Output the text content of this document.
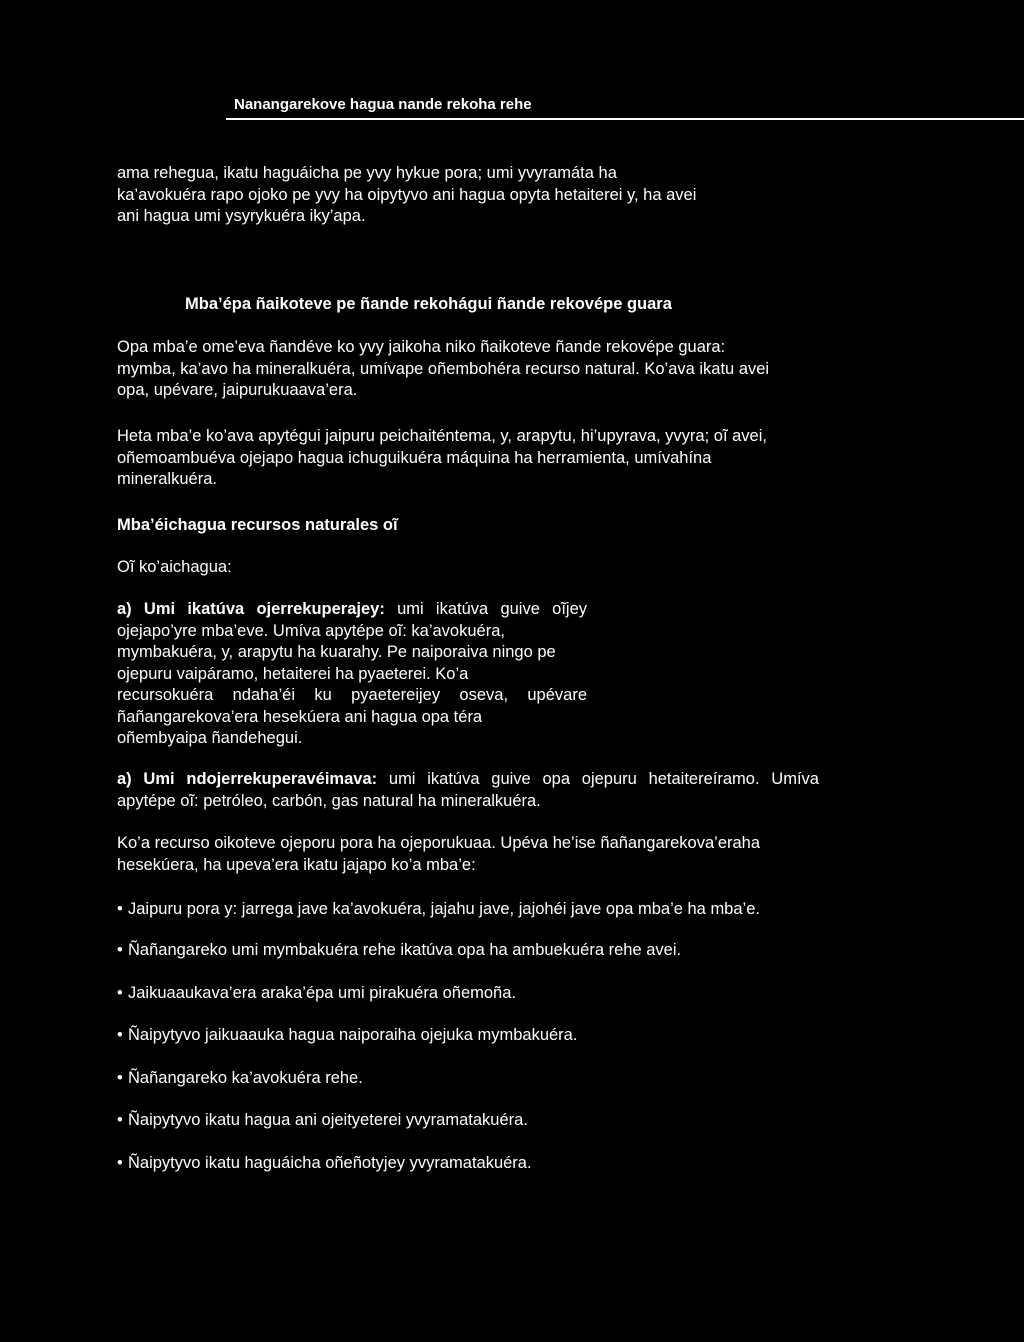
Nanangarekove hagua nande rekoha rehe

ama rehegua, ikatu haguáicha pe yvy hykue pora; umi yvyramáta ha
ka’avokuéra rapo ojoko pe yvy ha oipytyvo ani hagua opyta hetaiterei y, ha avei
ani hagua umi ysyrykuéra iky’apa.

Mba’épa ñaikoteve pe ñande rekohágui ñande rekovépe guara

Opa mba’e ome’eva ñandéve ko yvy jaikoha niko ñaikoteve ñande rekovépe guara:
mymba, ka’avo ha mineralkuéra, umívape oñembohéra recurso natural. Ko’ava ikatu avei
opa, upévare, jaipurukuaava’era.

Heta mba’e ko’ava apytégui jaipuru peichaiténtema, y, arapytu, hi’upyrava, yvyra; oĩ avei,
oñemoambuéva ojejapo hagua ichuguikuéra máquina ha herramienta, umívahína
mineralkuéra.

Mba’éichagua recursos naturales oĩ

Oĩ ko’aichagua:

a) Umi ikatúva ojerrekuperajey: umi ikatúva guive oĩjey
ojejapo’yre mba’eve. Umíva apytépe oĩ: ka’avokuéra,
mymbakuéra, y, arapytu ha kuarahy. Pe naiporaiva ningo pe
ojepuru vaipáramo, hetaiterei ha pyaeterei. Ko’a
recursokuéra ndaha’éi ku pyaetereijey oseva, upévare
ñañangarekova’era hesekúera ani hagua opa téra
oñembyaipa ñandehegui.
a) Umi ndojerrekuperavéimava: umi ikatúva guive opa ojepuru hetaitereíramo. Umíva
apytépe oĩ: petróleo, carbón, gas natural ha mineralkuéra.

Ko’a recurso oikoteve ojeporu pora ha ojeporukuaa. Upéva he’ise ñañangarekova’eraha
hesekúera, ha upeva’era ikatu jajapo ko’a mba’e:

• Jaipuru pora y: jarrega jave ka’avokuéra, jajahu jave, jajohéi jave opa mba’e ha mba’e.

• Ñañangareko umi mymbakuéra rehe ikatúva opa ha ambuekuéra rehe avei.

• Jaikuaaukava’era araka’épa umi pirakuéra oñemoña.

• Ñaipytyvo jaikuaauka hagua naiporaiha ojejuka mymbakuéra.

• Ñañangareko ka’avokuéra rehe.

• Ñaipytyvo ikatu hagua ani ojeityeterei yvyramatakuéra.

• Ñaipytyvo ikatu haguáicha oñeñotyjey yvyramatakuéra.
